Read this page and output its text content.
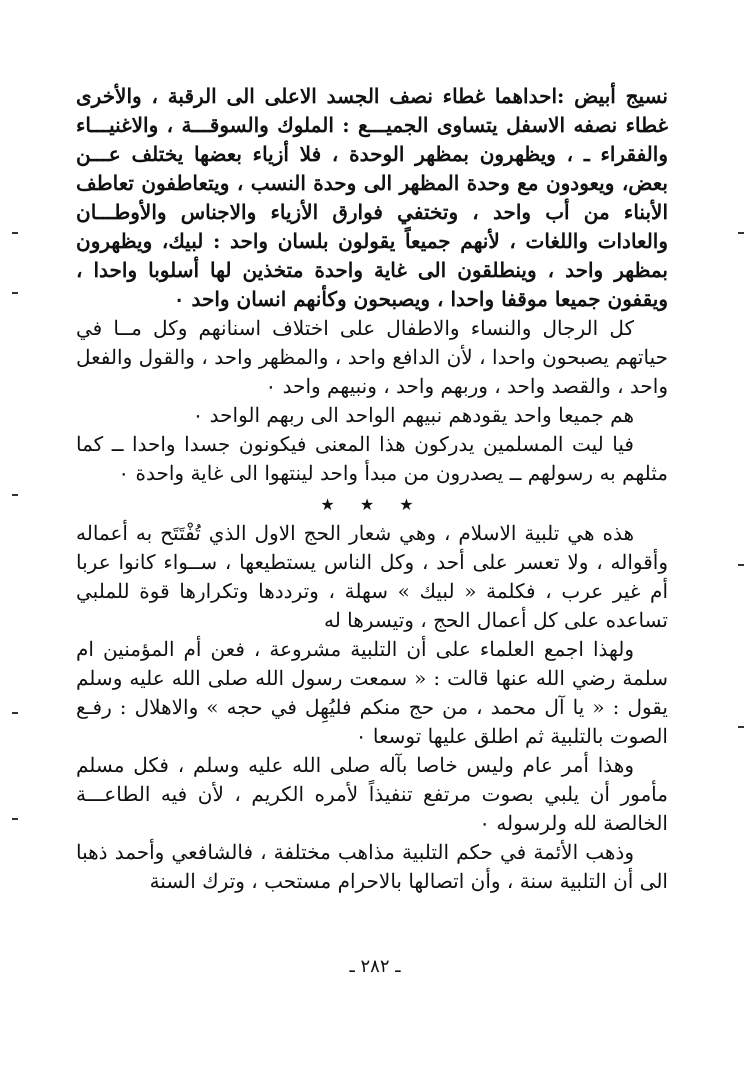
نسيج أبيض :احداهما غطاء نصف الجسد الاعلى الى الرقبة ، والأخرى غطاء نصفه الاسفل يتساوى الجميـــع : الملوك والسوقـــة ، والاغنيـــاء والفقراء ـ ، ويظهرون بمظهر الوحدة ، فلا أزياء بعضها يختلف عـــن بعض، ويعودون مع وحدة المظهر الى وحدة النسب ، ويتعاطفون تعاطف الأبناء من أب واحد ، وتختفي فوارق الأزياء والاجناس والأوطـــان والعادات واللغات ، لأنهم جميعاً يقولون بلسان واحد : لبيك، ويظهرون بمظهر واحد ، وينطلقون الى غاية واحدة متخذين لها أسلوبا واحدا ، ويقفون جميعا موقفا واحدا ، ويصبحون وكأنهم انسان واحد ٠

كل الرجال والنساء والاطفال على اختلاف اسنانهم وكل مــا في حياتهم يصبحون واحدا ، لأن الدافع واحد ، والمظهر واحد ، والقول والفعل واحد ، والقصد واحد ، وربهم واحد ، ونبيهم واحد ٠

هم جميعا واحد يقودهم نبيهم الواحد الى ربهم الواحد ٠

فيا ليت المسلمين يدركون هذا المعنى فيكونون جسدا واحدا ــ كما مثلهم به رسولهم ــ يصدرون من مبدأ واحد لينتهوا الى غاية واحدة ٠

★ ★ ★

هذه هي تلبية الاسلام ، وهي شعار الحج الاول الذي تُفْتَتَح به أعماله وأقواله ، ولا تعسر على أحد ، وكل الناس يستطيعها ، ســواء كانوا عربا أم غير عرب ، فكلمة « لبيك » سهلة ، وترددها وتكرارها قوة للملبي تساعده على كل أعمال الحج ، وتيسرها له

ولهذا اجمع العلماء على أن التلبية مشروعة ، فعن أم المؤمنين ام سلمة رضي الله عنها قالت : « سمعت رسول الله صلى الله عليه وسلم يقول : « يا آل محمد ، من حج منكم فليُهِل في حجه » والاهلال : رفـع الصوت بالتلبية ثم اطلق عليها توسعا ٠

وهذا أمر عام وليس خاصا بآله صلى الله عليه وسلم ، فكل مسلم مأمور أن يلبي بصوت مرتفع تنفيذاً لأمره الكريم ، لأن فيه الطاعـــة الخالصة لله ولرسوله ٠

وذهب الأئمة في حكم التلبية مذاهب مختلفة ، فالشافعي وأحمد ذهبا الى أن التلبية سنة ، وأن اتصالها بالاحرام مستحب ، وترك السنة

ـ ٢٨٢ ـ
